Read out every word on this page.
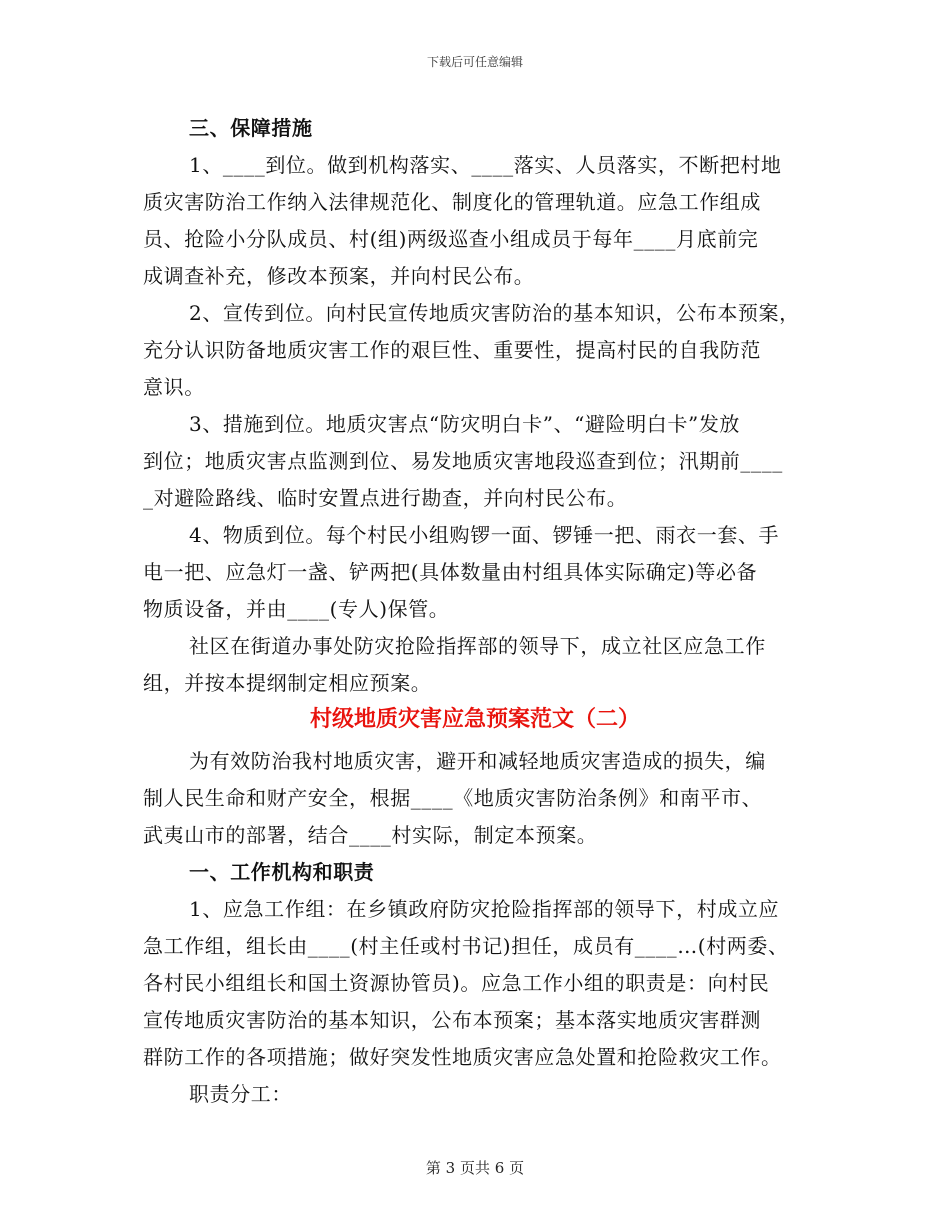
下载后可任意编辑
三、保障措施
1、____到位。做到机构落实、____落实、人员落实，不断把村地
质灾害防治工作纳入法律规范化、制度化的管理轨道。应急工作组成
员、抢险小分队成员、村(组)两级巡查小组成员于每年____月底前完
成调查补充，修改本预案，并向村民公布。
2、宣传到位。向村民宣传地质灾害防治的基本知识，公布本预案，
充分认识防备地质灾害工作的艰巨性、重要性，提高村民的自我防范
意识。
3、措施到位。地质灾害点“防灾明白卡”、“避险明白卡”发放
到位；地质灾害点监测到位、易发地质灾害地段巡查到位；汛期前____
_对避险路线、临时安置点进行勘查，并向村民公布。
4、物质到位。每个村民小组购锣一面、锣锤一把、雨衣一套、手
电一把、应急灯一盏、铲两把(具体数量由村组具体实际确定)等必备
物质设备，并由____(专人)保管。
社区在街道办事处防灾抢险指挥部的领导下，成立社区应急工作
组，并按本提纲制定相应预案。
村级地质灾害应急预案范文（二）
为有效防治我村地质灾害，避开和减轻地质灾害造成的损失，编
制人民生命和财产安全，根据____《地质灾害防治条例》和南平市、
武夷山市的部署，结合____村实际，制定本预案。
一、工作机构和职责
1、应急工作组：在乡镇政府防灾抢险指挥部的领导下，村成立应
急工作组，组长由____(村主任或村书记)担任，成员有____…(村两委、
各村民小组组长和国土资源协管员)。应急工作小组的职责是：向村民
宣传地质灾害防治的基本知识，公布本预案；基本落实地质灾害群测
群防工作的各项措施；做好突发性地质灾害应急处置和抢险救灾工作。
职责分工：
第 3 页共 6 页
